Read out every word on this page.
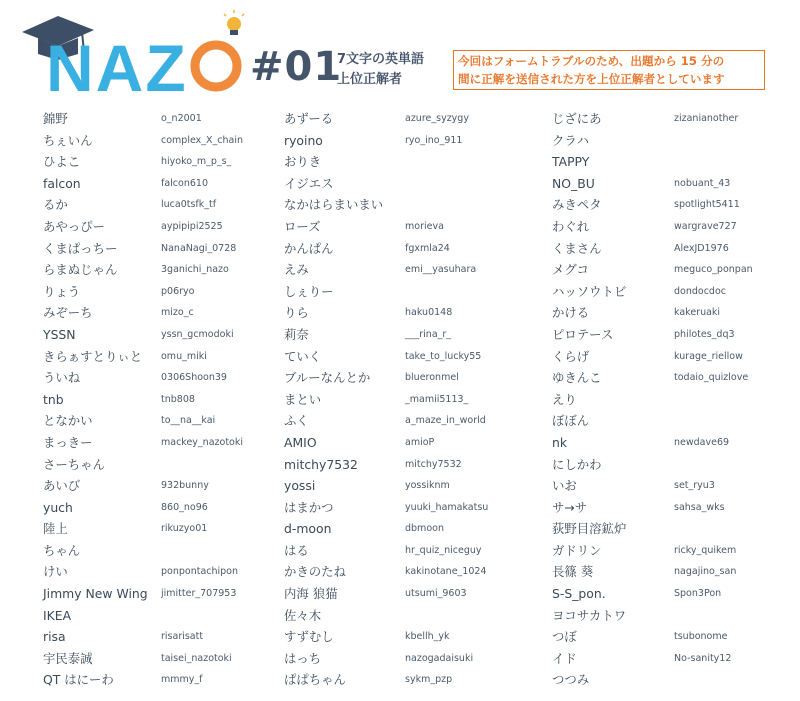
NAZ #01
7文字の英単語
上位正解者
今回はフォームトラブルのため、出題から 15 分の
間に正解を送信された方を上位正解者としています
錦野	o_n2001
ちぇいん	complex_X_chain
ひよこ	hiyoko_m_p_s_
falcon	falcon610
るか	luca0tsfk_tf
あやっぴー	aypipipi2525
くまぱっちー	NanaNagi_0728
らまぬじゃん	3ganichi_nazo
りょう	p06ryo
みぞーち	mizo_c
YSSN	yssn_gcmodoki
きらぁすとりぃと omu_miki
ういね	0306Shoon39
tnb	tnb808
となかい	to__na__kai
まっきー	mackey_nazotoki
さーちゃん
あいび	932bunny
yuch	860_no96
陸上	rikuzyo01
ちゃん
けい	ponpontachipon
Jimmy New Wing jimitter_707953
IKEA
risa	risarisatt
宇民泰誠	taisei_nazotoki
QT はにーわ	mmmy_f
あずーる	azure_syzygy
ryoino	ryo_ino_911
おりき
イジエス
なかはらまいまい
ローズ	morieva
かんぱん	fgxmla24
えみ	emi__yasuhara
しぇりー
りら	haku0148
莉奈	___rina_r_
ていく	take_to_lucky55
ブルーなんとか	blueronmel
まとい	_mamii5113_
ふく	a_maze_in_world
AMIO	amioP
mitchy7532	mitchy7532
yossi	yossiknm
はまかつ	yuuki_hamakatsu
d-moon	dbmoon
はる	hr_quiz_niceguy
かきのたね	kakinotane_1024
内海 狼猫	utsumi_9603
佐々木
すずむし	kbellh_yk
はっち	nazogadaisuki
ぱぱちゃん	sykm_pzp
じざにあ	zizanianother
クラハ
TAPPY
NO_BU	nobuant_43
みきペタ	spotlight5411
わぐれ	wargrave727
くまさん	AlexJD1976
メグコ	meguco_ponpan
ハッソウトビ	dondocdoc
かける	kakeruaki
ピロテース	philotes_dq3
くらげ	kurage_riellow
ゆきんこ	todaio_quizlove
えり
ぼぼん
nk	newdave69
にしかわ
いお	set_ryu3
サ→サ	sahsa_wks
荻野目溶鉱炉
ガドリン	ricky_quikem
長篠 葵	nagajino_san
S-S_pon.	Spon3Pon
ヨコサカトワ
つぼ	tsubonome
イド	No-sanity12
つつみ
